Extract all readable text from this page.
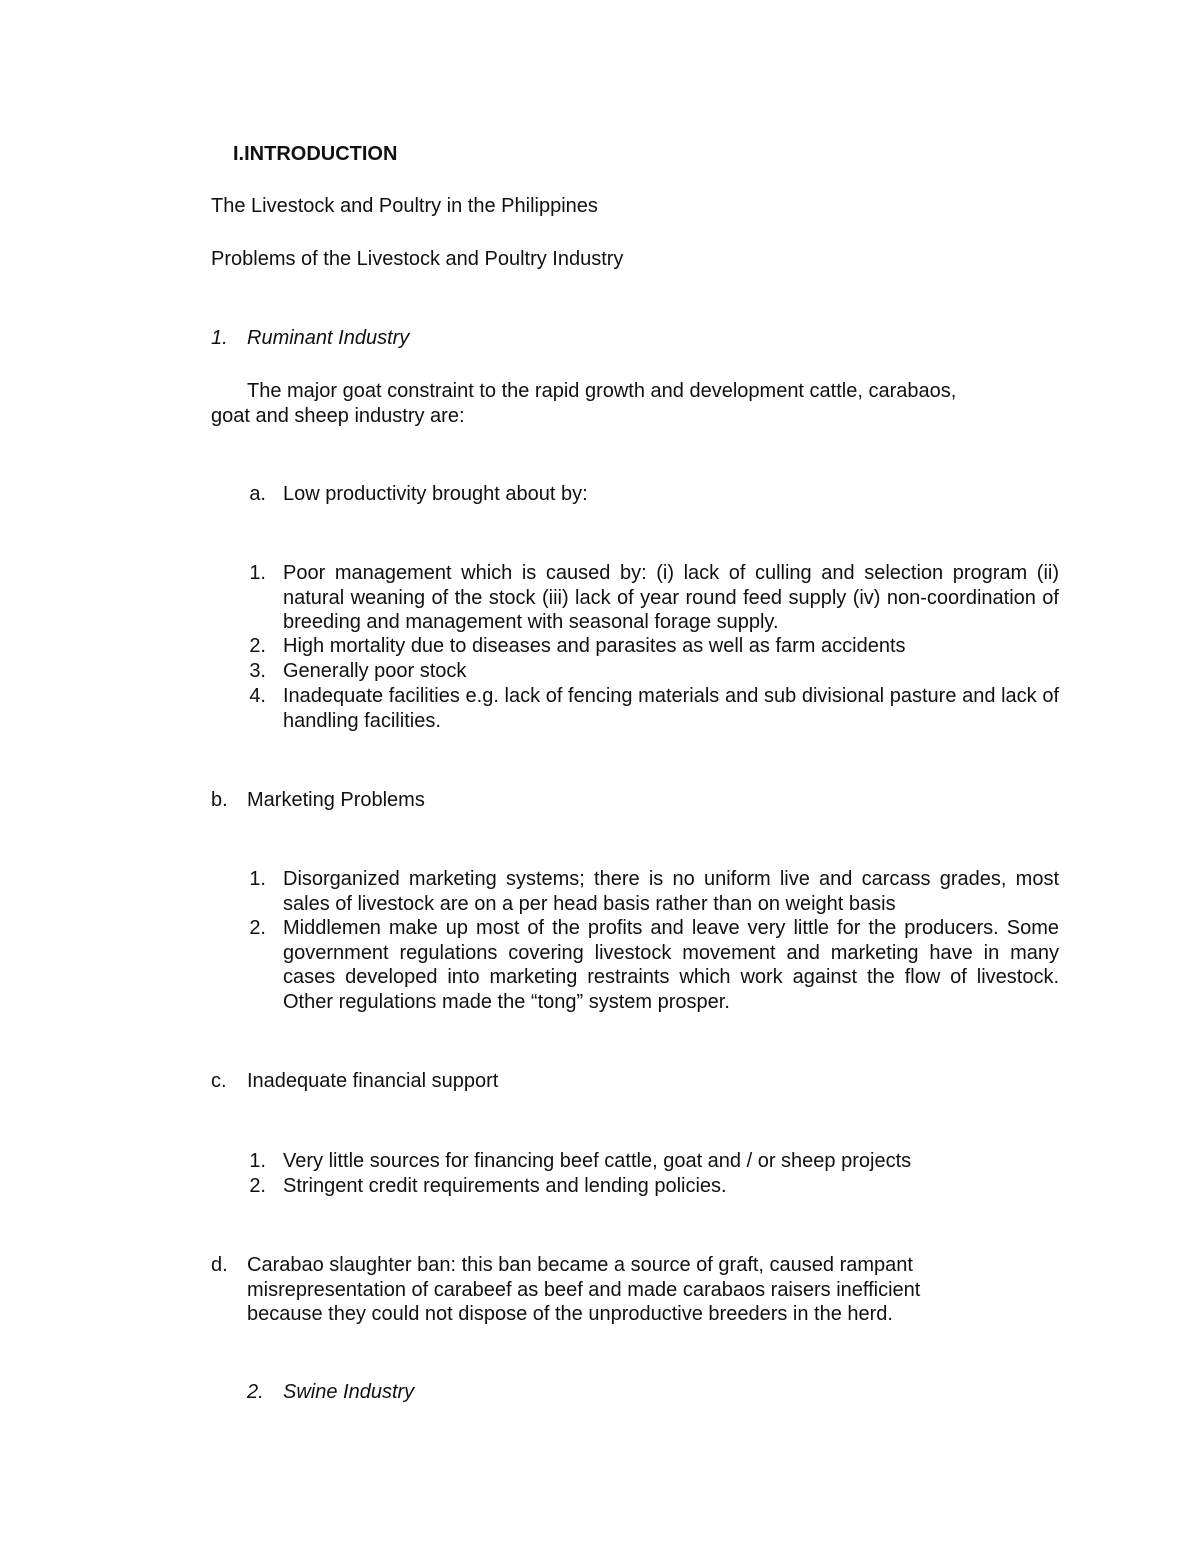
I.INTRODUCTION
The Livestock and Poultry in the Philippines
Problems of the Livestock and Poultry Industry
1. Ruminant Industry
The major goat constraint to the rapid growth and development cattle, carabaos,
goat and sheep industry are:
a. Low productivity brought about by:
1. Poor management which is caused by: (i) lack of culling and selection program (ii) natural weaning of the stock (iii) lack of year round feed supply (iv) non-coordination of breeding and management with seasonal forage supply.
2. High mortality due to diseases and parasites as well as farm accidents
3. Generally poor stock
4. Inadequate facilities e.g. lack of fencing materials and sub divisional pasture and lack of handling facilities.
b. Marketing Problems
1. Disorganized marketing systems; there is no uniform live and carcass grades, most sales of livestock are on a per head basis rather than on weight basis
2. Middlemen make up most of the profits and leave very little for the producers. Some government regulations covering livestock movement and marketing have in many cases developed into marketing restraints which work against the flow of livestock. Other regulations made the “tong” system prosper.
c. Inadequate financial support
1. Very little sources for financing beef cattle, goat and / or sheep projects
2. Stringent credit requirements and lending policies.
d. Carabao slaughter ban: this ban became a source of graft, caused rampant
misrepresentation of carabeef as beef and made carabaos raisers inefficient
because they could not dispose of the unproductive breeders in the herd.
2. Swine Industry
